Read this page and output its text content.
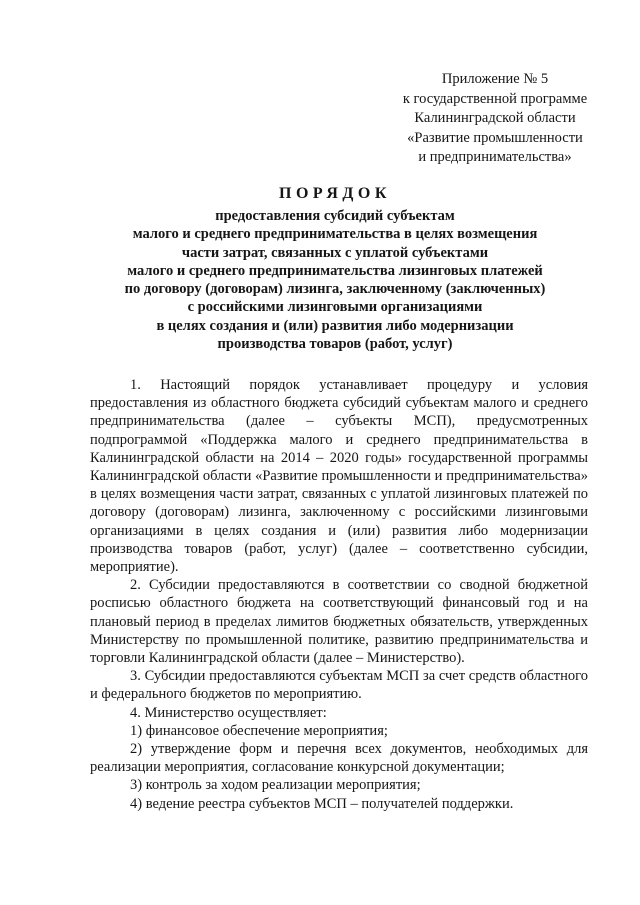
Приложение № 5
к государственной программе
Калининградской области
«Развитие промышленности
и предпринимательства»
ПОРЯДОК
предоставления субсидий субъектам
малого и среднего предпринимательства в целях возмещения
части затрат, связанных с уплатой субъектами
малого и среднего предпринимательства лизинговых платежей
по договору (договорам) лизинга, заключенному (заключенных)
с российскими лизинговыми организациями
в целях создания и (или) развития либо модернизации
производства товаров (работ, услуг)

1. Настоящий порядок устанавливает процедуру и условия предоставления из областного бюджета субсидий субъектам малого и среднего предпринимательства (далее – субъекты МСП), предусмотренных подпрограммой «Поддержка малого и среднего предпринимательства в Калининградской области на 2014 – 2020 годы» государственной программы Калининградской области «Развитие промышленности и предпринимательства» в целях возмещения части затрат, связанных с уплатой лизинговых платежей по договору (договорам) лизинга, заключенному с российскими лизинговыми организациями в целях создания и (или) развития либо модернизации производства товаров (работ, услуг) (далее – соответственно субсидии, мероприятие).

2. Субсидии предоставляются в соответствии со сводной бюджетной росписью областного бюджета на соответствующий финансовый год и на плановый период в пределах лимитов бюджетных обязательств, утвержденных Министерству по промышленной политике, развитию предпринимательства и торговли Калининградской области (далее – Министерство).

3. Субсидии предоставляются субъектам МСП за счет средств областного и федерального бюджетов по мероприятию.

4. Министерство осуществляет:

1) финансовое обеспечение мероприятия;

2) утверждение форм и перечня всех документов, необходимых для реализации мероприятия, согласование конкурсной документации;

3) контроль за ходом реализации мероприятия;

4) ведение реестра субъектов МСП – получателей поддержки.
